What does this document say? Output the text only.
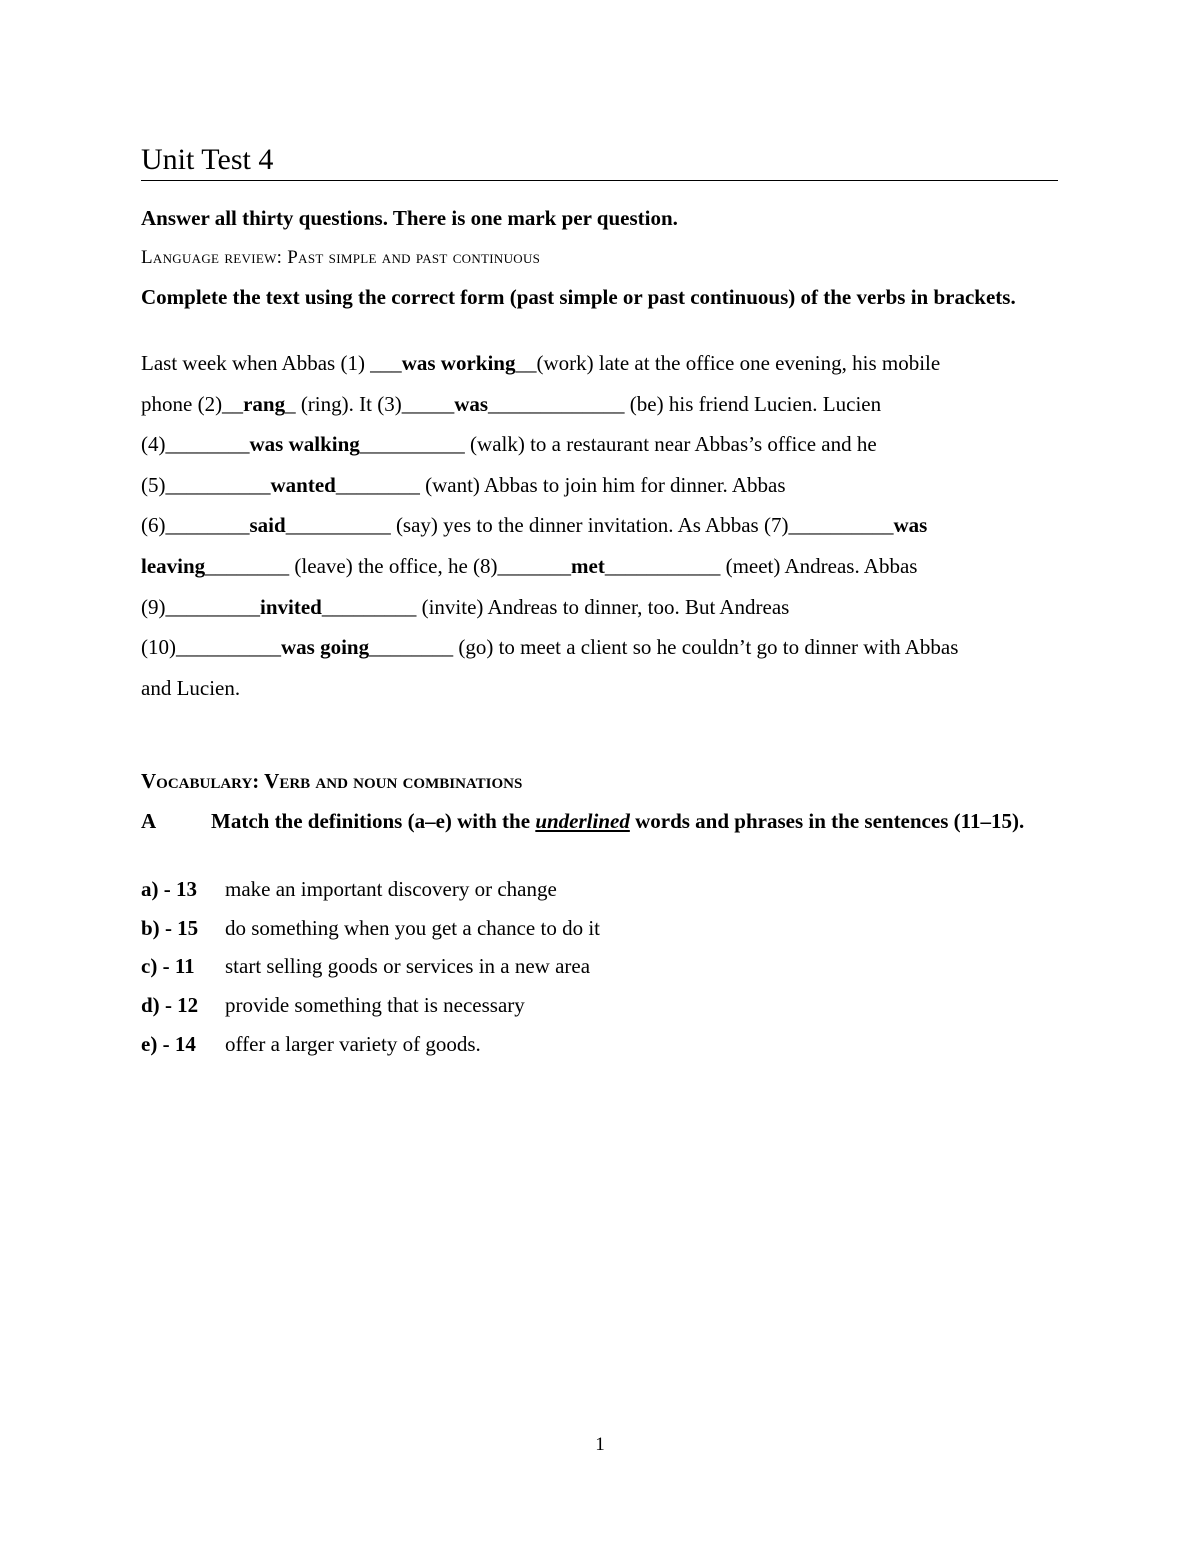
Unit Test 4
Answer all thirty questions. There is one mark per question.
Language review: Past simple and past continuous
Complete the text using the correct form (past simple or past continuous) of the verbs in brackets.
Last week when Abbas (1) ___was working__(work) late at the office one evening, his mobile
phone (2)__rang_ (ring). It (3)_____was_____________ (be) his friend Lucien. Lucien
(4)________was walking__________ (walk) to a restaurant near Abbas’s office and he
(5)__________wanted________ (want) Abbas to join him for dinner. Abbas
(6)________said__________ (say) yes to the dinner invitation. As Abbas (7)__________was
leaving________ (leave) the office, he (8)_______met___________ (meet) Andreas. Abbas
(9)_________invited_________ (invite) Andreas to dinner, too. But Andreas
(10)__________was going________ (go) to meet a client so he couldn’t go to dinner with Abbas
and Lucien.
Vocabulary: Verb and noun combinations
A	Match the definitions (a–e) with the underlined words and phrases in the sentences (11–15).
a) - 13 make an important discovery or change
b) - 15 do something when you get a chance to do it
c) - 11 start selling goods or services in a new area
d) - 12 provide something that is necessary
e) - 14 offer a larger variety of goods.
1
